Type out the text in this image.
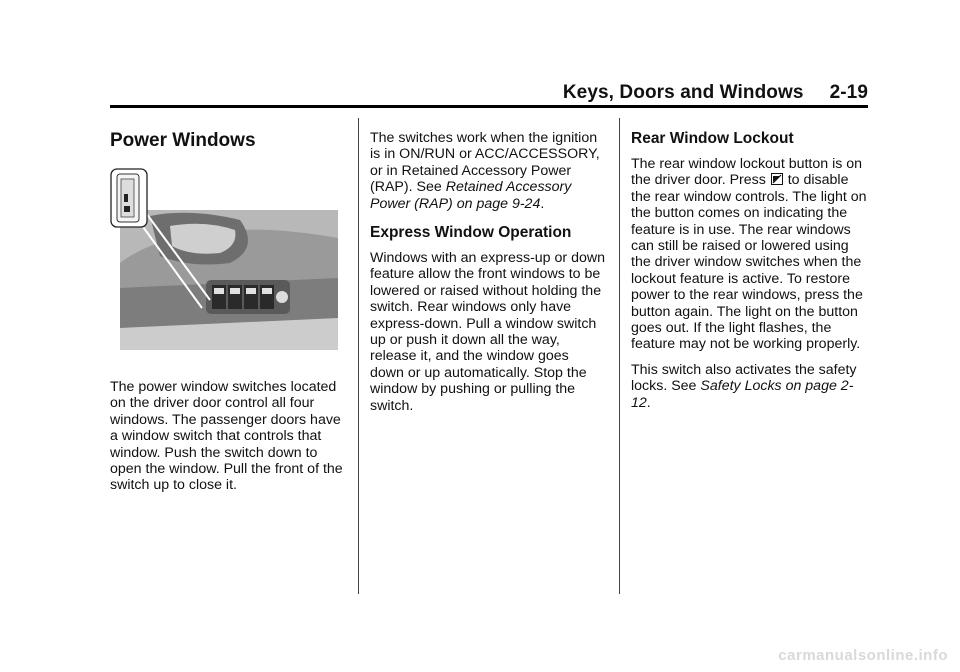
Keys, Doors and Windows 2-19
Power Windows

The power window switches located on the driver door control all four windows. The passenger doors have a window switch that controls that window. Push the switch down to open the window. Pull the front of the switch up to close it.

The switches work when the ignition is in ON/RUN or ACC/ACCESSORY, or in Retained Accessory Power (RAP). See Retained Accessory Power (RAP) on page 9-24.

Express Window Operation

Windows with an express-up or down feature allow the front windows to be lowered or raised without holding the switch. Rear windows only have express-down. Pull a window switch up or push it down all the way, release it, and the window goes down or up automatically. Stop the window by pushing or pulling the switch.

Rear Window Lockout

The rear window lockout button is on the driver door. Press  to disable the rear window controls. The light on the button comes on indicating the feature is in use. The rear windows can still be raised or lowered using the driver window switches when the lockout feature is active. To restore power to the rear windows, press the button again. The light on the button goes out. If the light flashes, the feature may not be working properly.

This switch also activates the safety locks. See Safety Locks on page 2-12.

carmanualsonline.info
